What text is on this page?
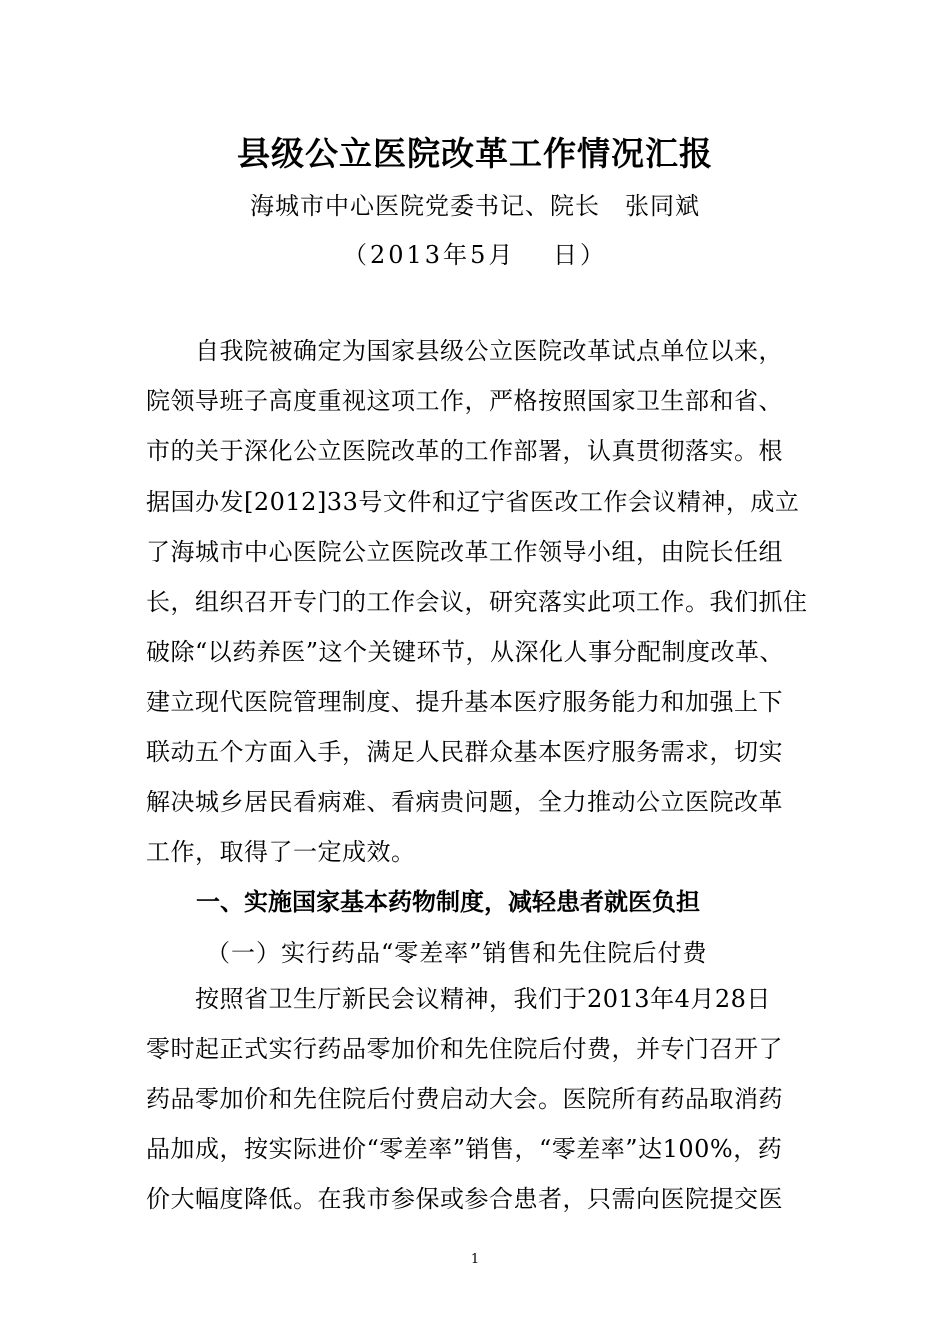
县级公立医院改革工作情况汇报
海城市中心医院党委书记、院长　张同斌
（2013年5月　 日）
　　自我院被确定为国家县级公立医院改革试点单位以来，
院领导班子高度重视这项工作，严格按照国家卫生部和省、
市的关于深化公立医院改革的工作部署，认真贯彻落实。根
据国办发[2012]33号文件和辽宁省医改工作会议精神，成立
了海城市中心医院公立医院改革工作领导小组，由院长任组
长，组织召开专门的工作会议，研究落实此项工作。我们抓住
破除“以药养医”这个关键环节，从深化人事分配制度改革、
建立现代医院管理制度、提升基本医疗服务能力和加强上下
联动五个方面入手，满足人民群众基本医疗服务需求，切实
解决城乡居民看病难、看病贵问题，全力推动公立医院改革
工作，取得了一定成效。
一、实施国家基本药物制度，减轻患者就医负担
（一）实行药品“零差率”销售和先住院后付费
　　按照省卫生厅新民会议精神，我们于2013年4月28日
零时起正式实行药品零加价和先住院后付费，并专门召开了
药品零加价和先住院后付费启动大会。医院所有药品取消药
品加成，按实际进价“零差率”销售，“零差率”达100%，药
价大幅度降低。在我市参保或参合患者，只需向医院提交医
1
